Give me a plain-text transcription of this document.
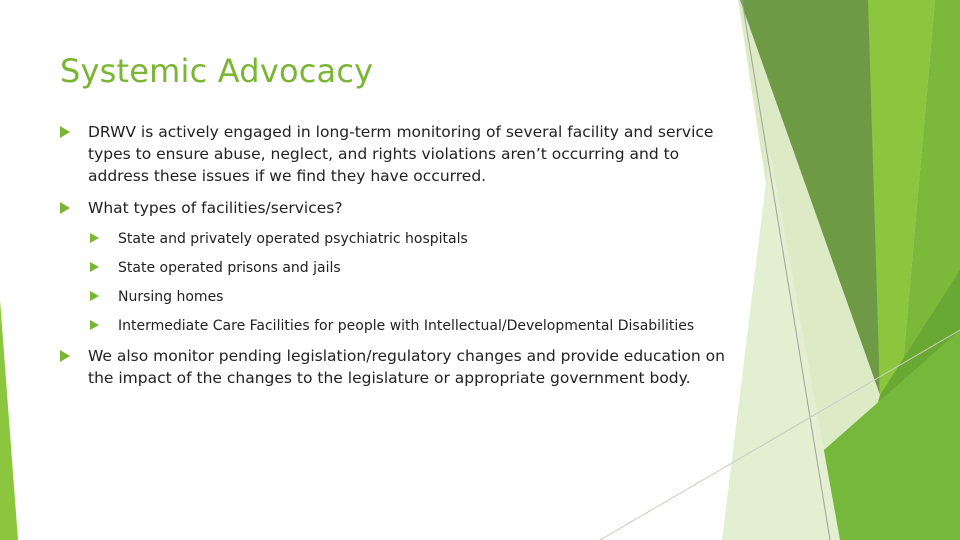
Systemic Advocacy
DRWV is actively engaged in long-term monitoring of several facility and service types to ensure abuse, neglect, and rights violations aren’t occurring and to address these issues if we find they have occurred.
What types of facilities/services?
State and privately operated psychiatric hospitals
State operated prisons and jails
Nursing homes
Intermediate Care Facilities for people with Intellectual/Developmental Disabilities
We also monitor pending legislation/regulatory changes and provide education on the impact of the changes to the legislature or appropriate government body.
